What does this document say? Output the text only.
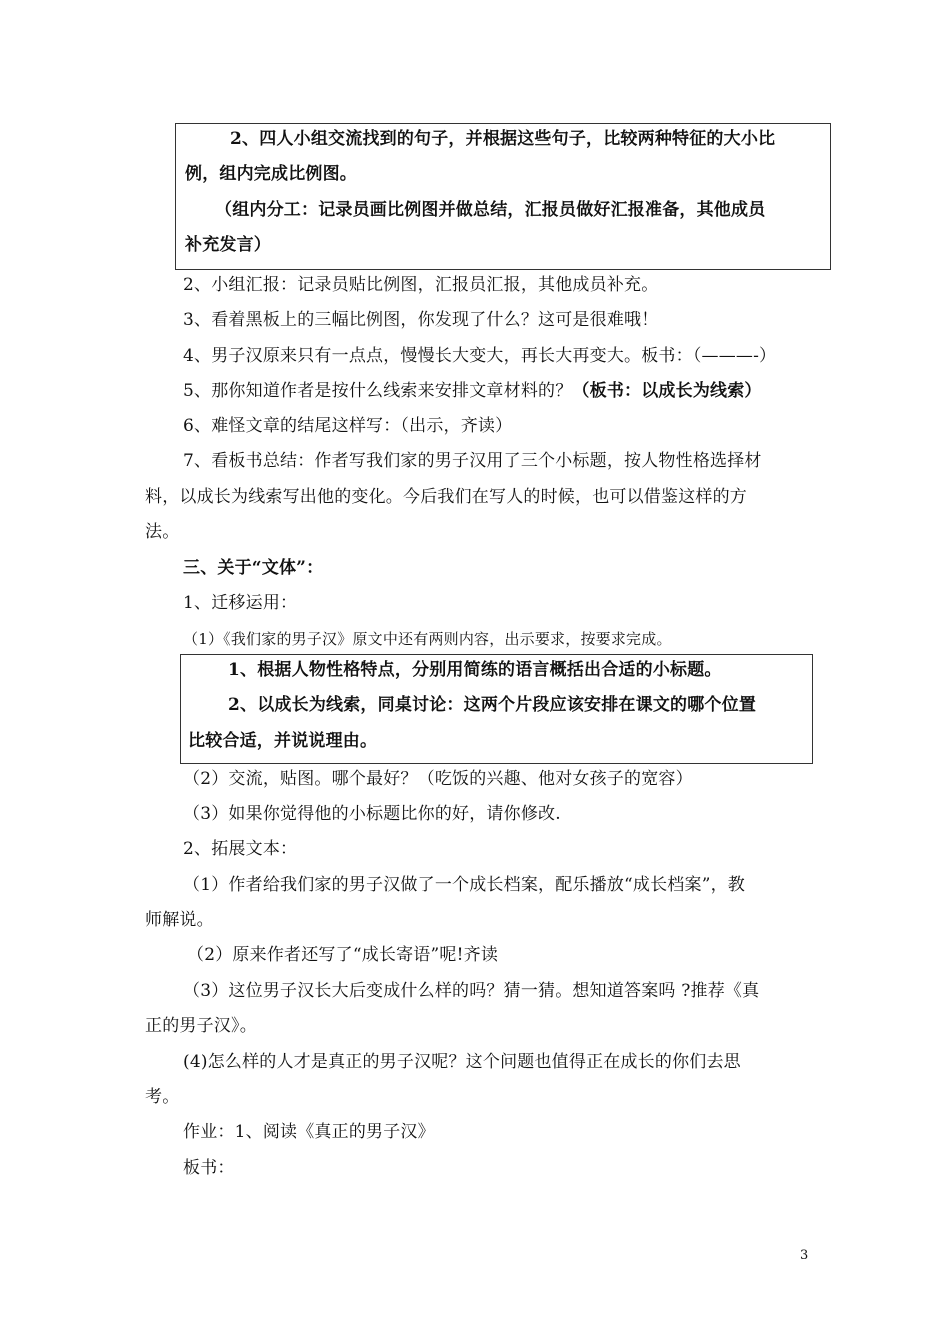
2、四人小组交流找到的句子，并根据这些句子，比较两种特征的大小比
例，组内完成比例图。
（组内分工：记录员画比例图并做总结，汇报员做好汇报准备，其他成员
补充发言）
2、小组汇报：记录员贴比例图，汇报员汇报，其他成员补充。
3、看着黑板上的三幅比例图，你发现了什么？这可是很难哦！
4、男子汉原来只有一点点，慢慢长大变大，再长大再变大。板书：（———-）
5、那你知道作者是按什么线索来安排文章材料的？（板书：以成长为线索）
6、难怪文章的结尾这样写：（出示，齐读）
7、看板书总结：作者写我们家的男子汉用了三个小标题，按人物性格选择材
料，以成长为线索写出他的变化。今后我们在写人的时候，也可以借鉴这样的方
法。
三、关于“文体”：
1、迁移运用：
（1）《我们家的男子汉》原文中还有两则内容，出示要求，按要求完成。
1、根据人物性格特点，分别用简练的语言概括出合适的小标题。
2、以成长为线索，同桌讨论：这两个片段应该安排在课文的哪个位置
比较合适，并说说理由。
（2）交流，贴图。哪个最好？（吃饭的兴趣、他对女孩子的宽容）
（3）如果你觉得他的小标题比你的好，请你修改.
2、拓展文本：
（1）作者给我们家的男子汉做了一个成长档案，配乐播放“成长档案”，教
师解说。
（2）原来作者还写了“成长寄语”呢!齐读
（3）这位男子汉长大后变成什么样的吗？猜一猜。想知道答案吗 ?推荐《真
正的男子汉》。
(4)怎么样的人才是真正的男子汉呢？这个问题也值得正在成长的你们去思
考。
作业：1、阅读《真正的男子汉》
板书：
3
